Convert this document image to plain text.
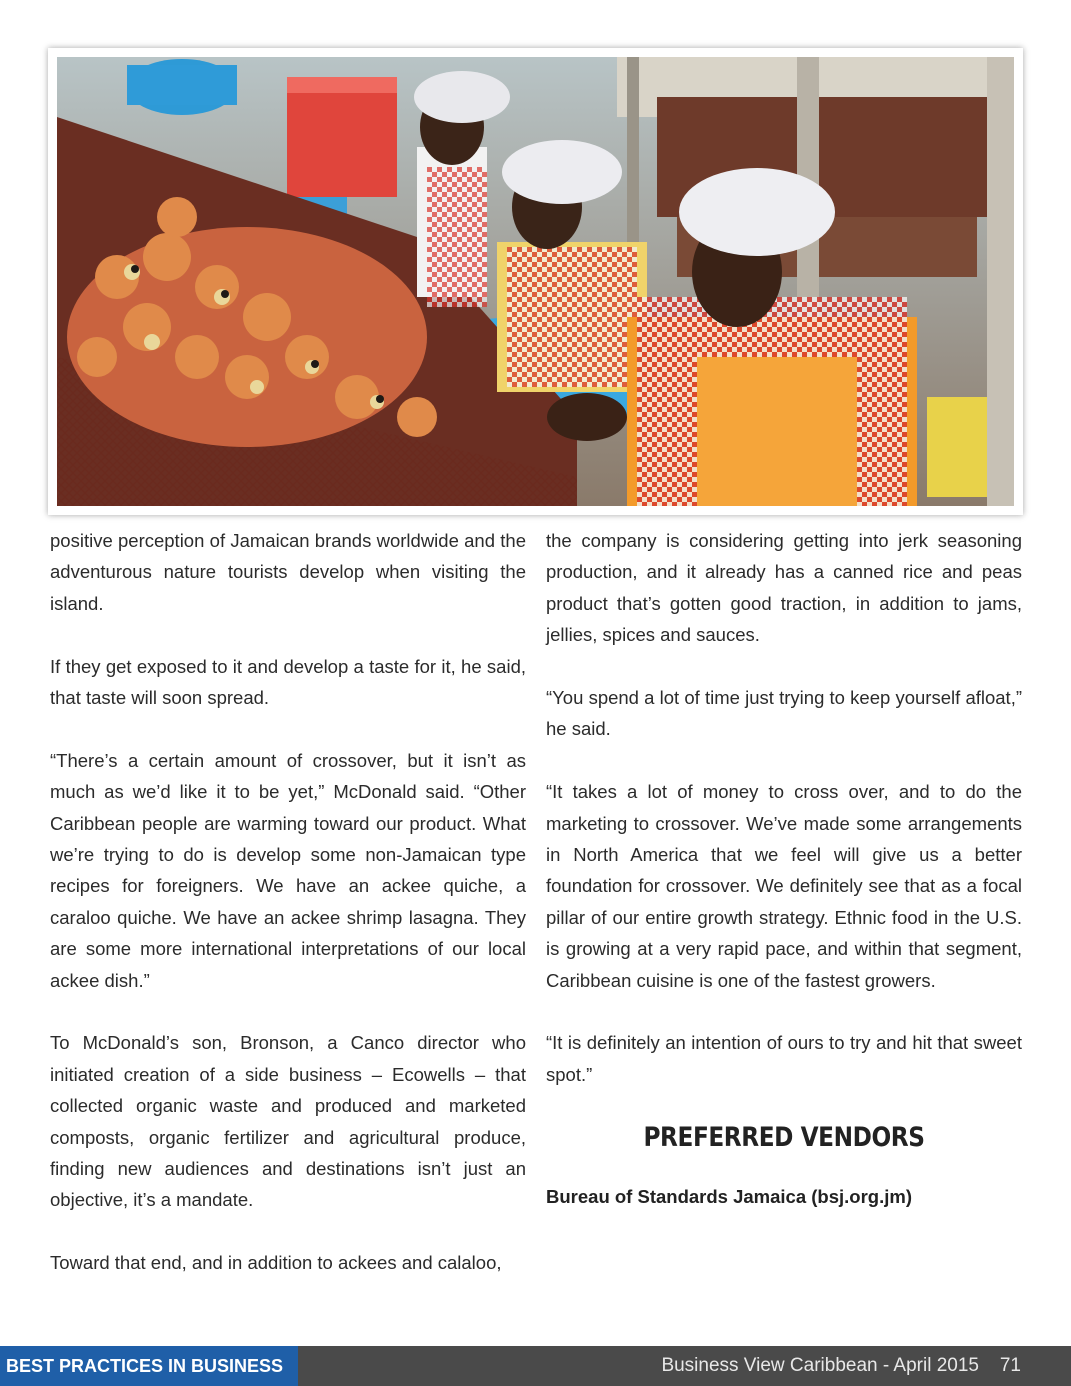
positive perception of Jamaican brands worldwide and the adventurous nature tourists develop when visiting the island.

If they get exposed to it and develop a taste for it, he said, that taste will soon spread.

“There’s a certain amount of crossover, but it isn’t as much as we’d like it to be yet,” McDonald said. “Other Caribbean people are warming toward our product. What we’re trying to do is develop some non-Jamaican type recipes for foreigners. We have an ackee quiche, a caraloo quiche. We have an ackee shrimp lasagna. They are some more international interpretations of our local ackee dish.”

To McDonald’s son, Bronson, a Canco director who initiated creation of a side business – Ecowells – that collected organic waste and produced and marketed composts, organic fertilizer and agricultural produce, finding new audiences and destinations isn’t just an objective, it’s a mandate.

Toward that end, and in addition to ackees and calaloo,

the company is considering getting into jerk seasoning production, and it already has a canned rice and peas product that’s gotten good traction, in addition to jams, jellies, spices and sauces.

“You spend a lot of time just trying to keep yourself afloat,” he said.

“It takes a lot of money to cross over, and to do the marketing to crossover. We’ve made some arrangements in North America that we feel will give us a better foundation for crossover. We definitely see that as a focal pillar of our entire growth strategy. Ethnic food in the U.S. is growing at a very rapid pace, and within that segment, Caribbean cuisine is one of the fastest growers.

“It is definitely an intention of ours to try and hit that sweet spot.”

PREFERRED VENDORS
Bureau of Standards Jamaica (bsj.org.jm)
BEST PRACTICES IN BUSINESS	Business View Caribbean - April 2015 71
